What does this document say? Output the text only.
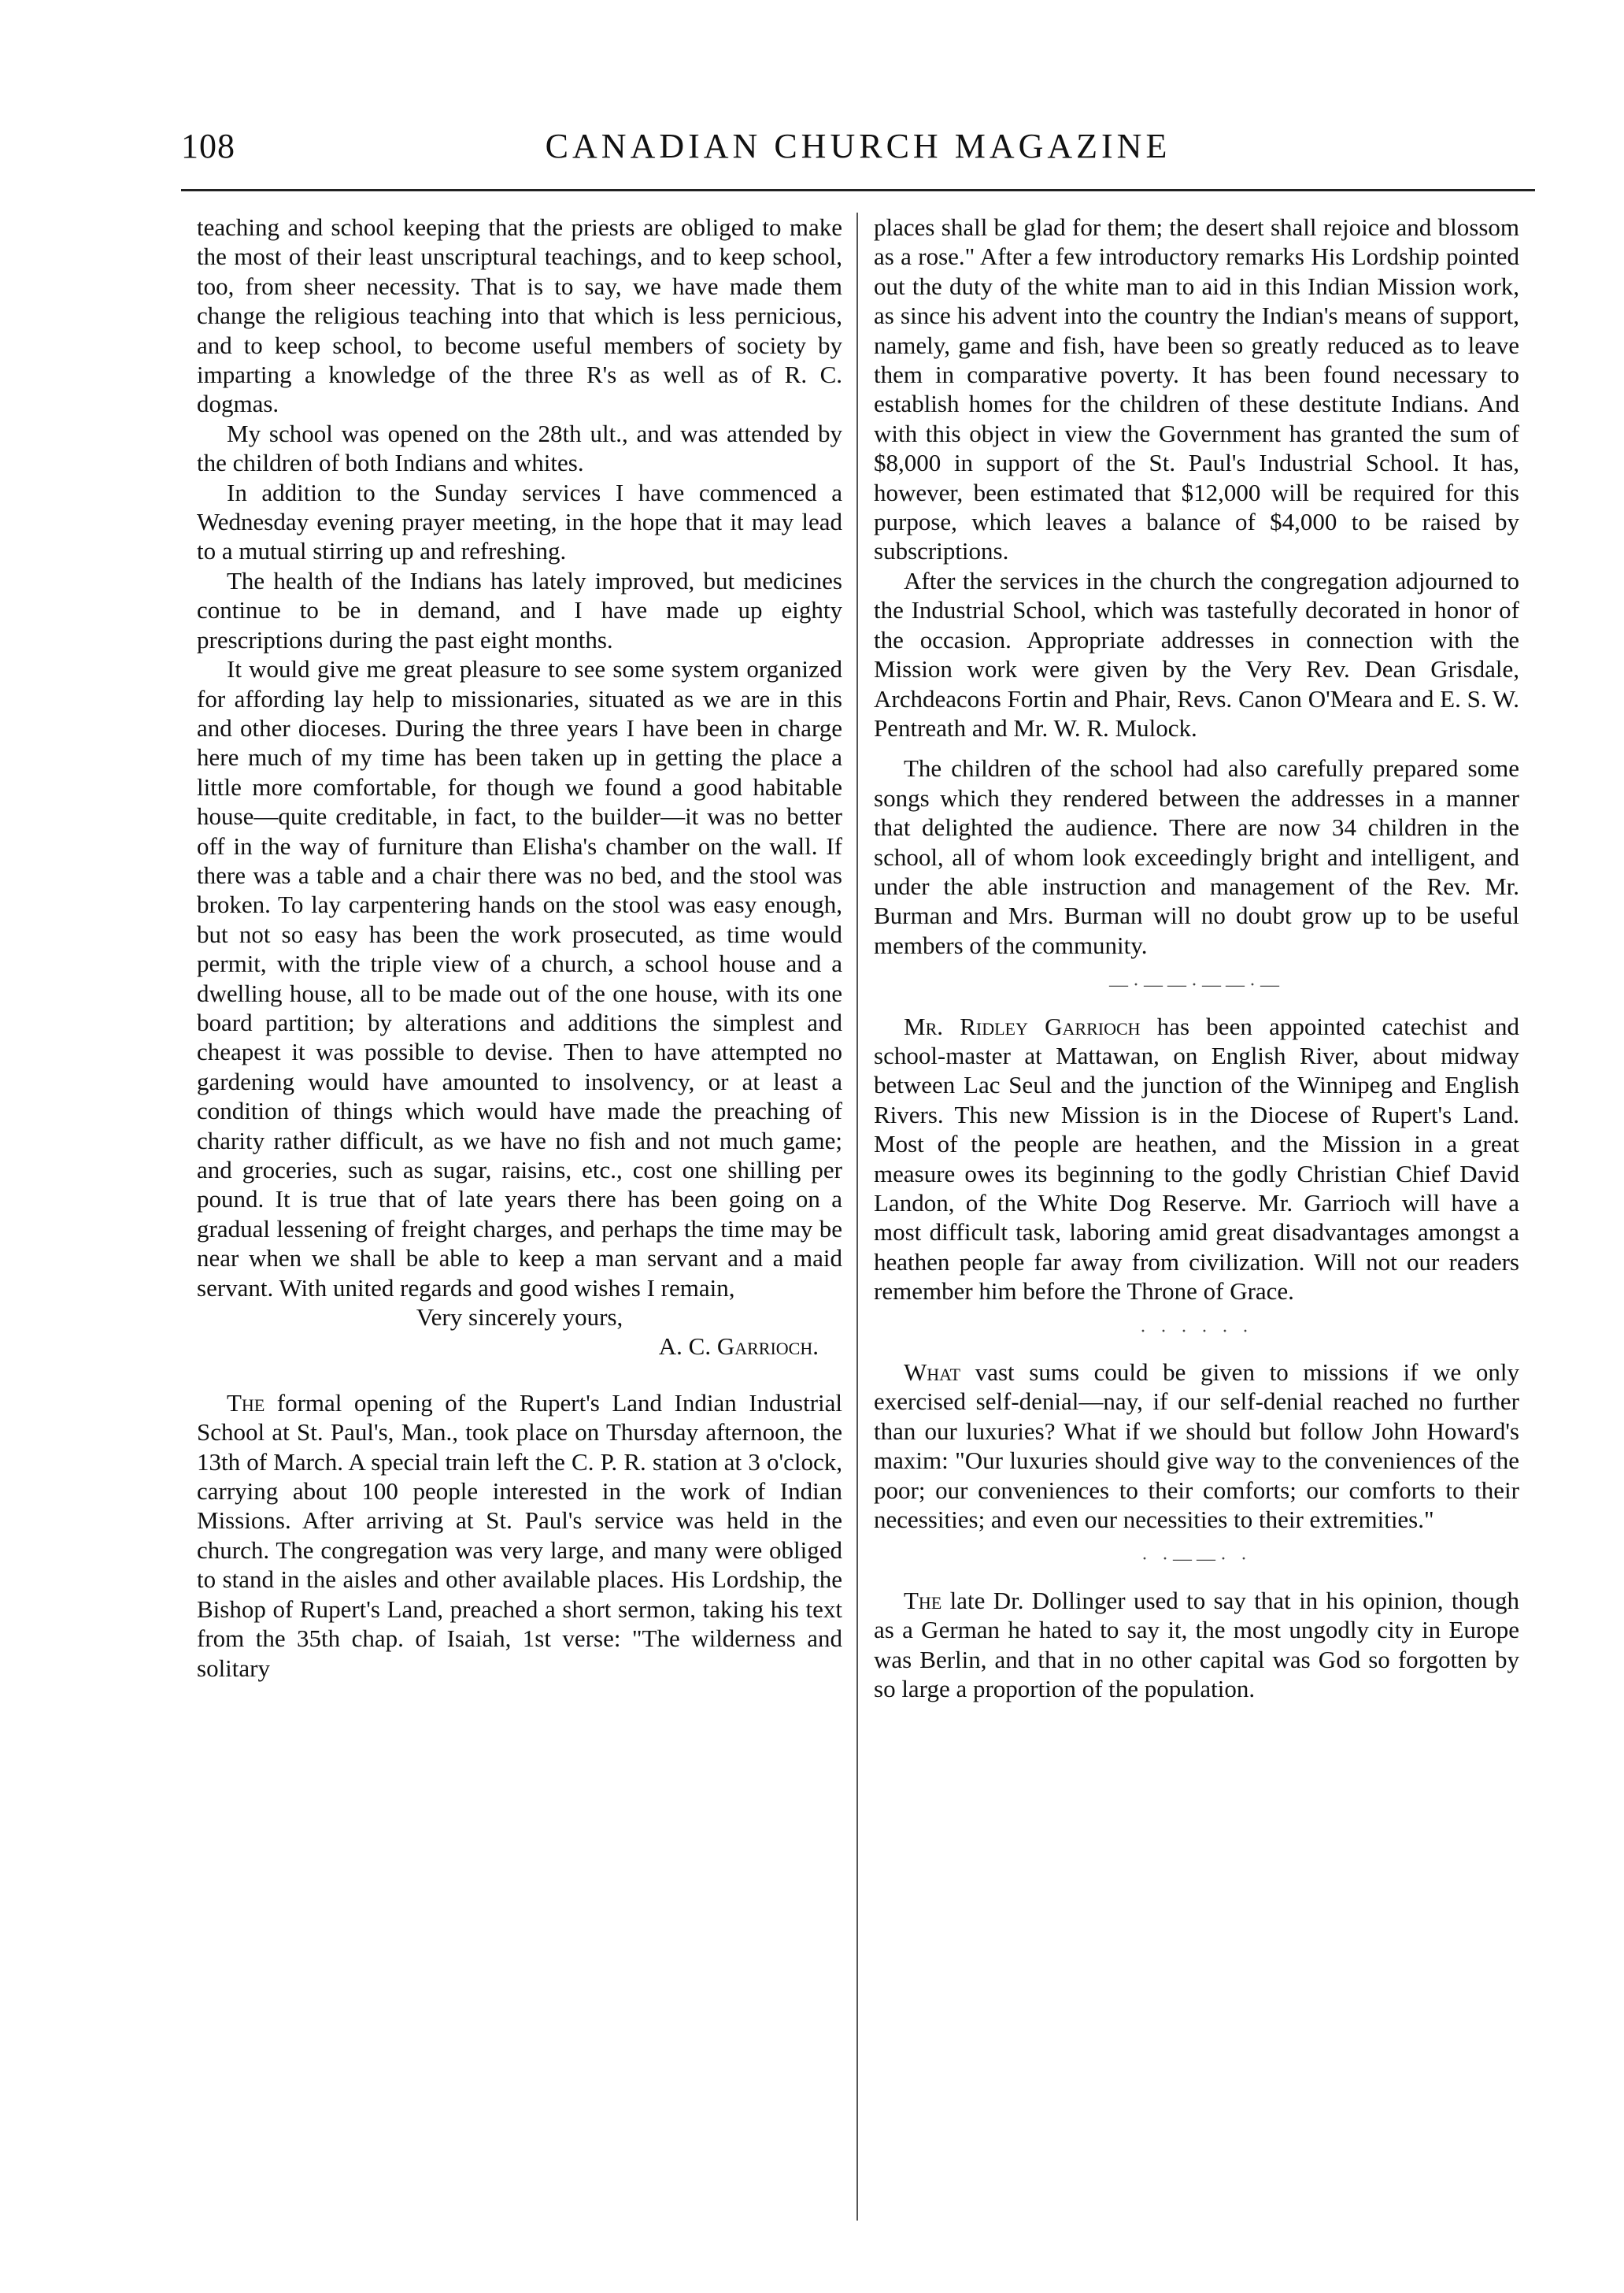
108	CANADIAN CHURCH MAGAZINE

teaching and school keeping that the priests are obliged to make the most of their least unscriptural teachings, and to keep school, too, from sheer necessity. That is to say, we have made them change the religious teaching into that which is less pernicious, and to keep school, to become useful members of society by imparting a knowledge of the three R's as well as of R. C. dogmas.

My school was opened on the 28th ult., and was attended by the children of both Indians and whites.

In addition to the Sunday services I have commenced a Wednesday evening prayer meeting, in the hope that it may lead to a mutual stirring up and refreshing.

The health of the Indians has lately improved, but medicines continue to be in demand, and I have made up eighty prescriptions during the past eight months.

It would give me great pleasure to see some system organized for affording lay help to missionaries, situated as we are in this and other dioceses. During the three years I have been in charge here much of my time has been taken up in getting the place a little more comfortable, for though we found a good habitable house—quite creditable, in fact, to the builder—it was no better off in the way of furniture than Elisha's chamber on the wall. If there was a table and a chair there was no bed, and the stool was broken. To lay carpentering hands on the stool was easy enough, but not so easy has been the work prosecuted, as time would permit, with the triple view of a church, a school house and a dwelling house, all to be made out of the one house, with its one board partition; by alterations and additions the simplest and cheapest it was possible to devise. Then to have attempted no gardening would have amounted to insolvency, or at least a condition of things which would have made the preaching of charity rather difficult, as we have no fish and not much game; and groceries, such as sugar, raisins, etc., cost one shilling per pound. It is true that of late years there has been going on a gradual lessening of freight charges, and perhaps the time may be near when we shall be able to keep a man servant and a maid servant. With united regards and good wishes I remain,

Very sincerely yours,

A. C. Garrioch.

The formal opening of the Rupert's Land Indian Industrial School at St. Paul's, Man., took place on Thursday afternoon, the 13th of March. A special train left the C. P. R. station at 3 o'clock, carrying about 100 people interested in the work of Indian Missions. After arriving at St. Paul's service was held in the church. The congregation was very large, and many were obliged to stand in the aisles and other available places. His Lordship, the Bishop of Rupert's Land, preached a short sermon, taking his text from the 35th chap. of Isaiah, 1st verse: "The wilderness and solitary

places shall be glad for them; the desert shall rejoice and blossom as a rose." After a few introductory remarks His Lordship pointed out the duty of the white man to aid in this Indian Mission work, as since his advent into the country the Indian's means of support, namely, game and fish, have been so greatly reduced as to leave them in comparative poverty. It has been found necessary to establish homes for the children of these destitute Indians. And with this object in view the Government has granted the sum of $8,000 in support of the St. Paul's Industrial School. It has, however, been estimated that $12,000 will be required for this purpose, which leaves a balance of $4,000 to be raised by subscriptions.

After the services in the church the congregation adjourned to the Industrial School, which was tastefully decorated in honor of the occasion. Appropriate addresses in connection with the Mission work were given by the Very Rev. Dean Grisdale, Archdeacons Fortin and Phair, Revs. Canon O'Meara and E. S. W. Pentreath and Mr. W. R. Mulock.

The children of the school had also carefully prepared some songs which they rendered between the addresses in a manner that delighted the audience. There are now 34 children in the school, all of whom look exceedingly bright and intelligent, and under the able instruction and management of the Rev. Mr. Burman and Mrs. Burman will no doubt grow up to be useful members of the community.

—·——·——·—

Mr. Ridley Garrioch has been appointed catechist and school-master at Mattawan, on English River, about midway between Lac Seul and the junction of the Winnipeg and English Rivers. This new Mission is in the Diocese of Rupert's Land. Most of the people are heathen, and the Mission in a great measure owes its beginning to the godly Christian Chief David Landon, of the White Dog Reserve. Mr. Garrioch will have a most difficult task, laboring amid great disadvantages amongst a heathen people far away from civilization. Will not our readers remember him before the Throne of Grace.

· · · · · ·

What vast sums could be given to missions if we only exercised self-denial—nay, if our self-denial reached no further than our luxuries? What if we should but follow John Howard's maxim: "Our luxuries should give way to the conveniences of the poor; our conveniences to their comforts; our comforts to their necessities; and even our necessities to their extremities."

· ·——· ·

The late Dr. Dollinger used to say that in his opinion, though as a German he hated to say it, the most ungodly city in Europe was Berlin, and that in no other capital was God so forgotten by so large a proportion of the population.
